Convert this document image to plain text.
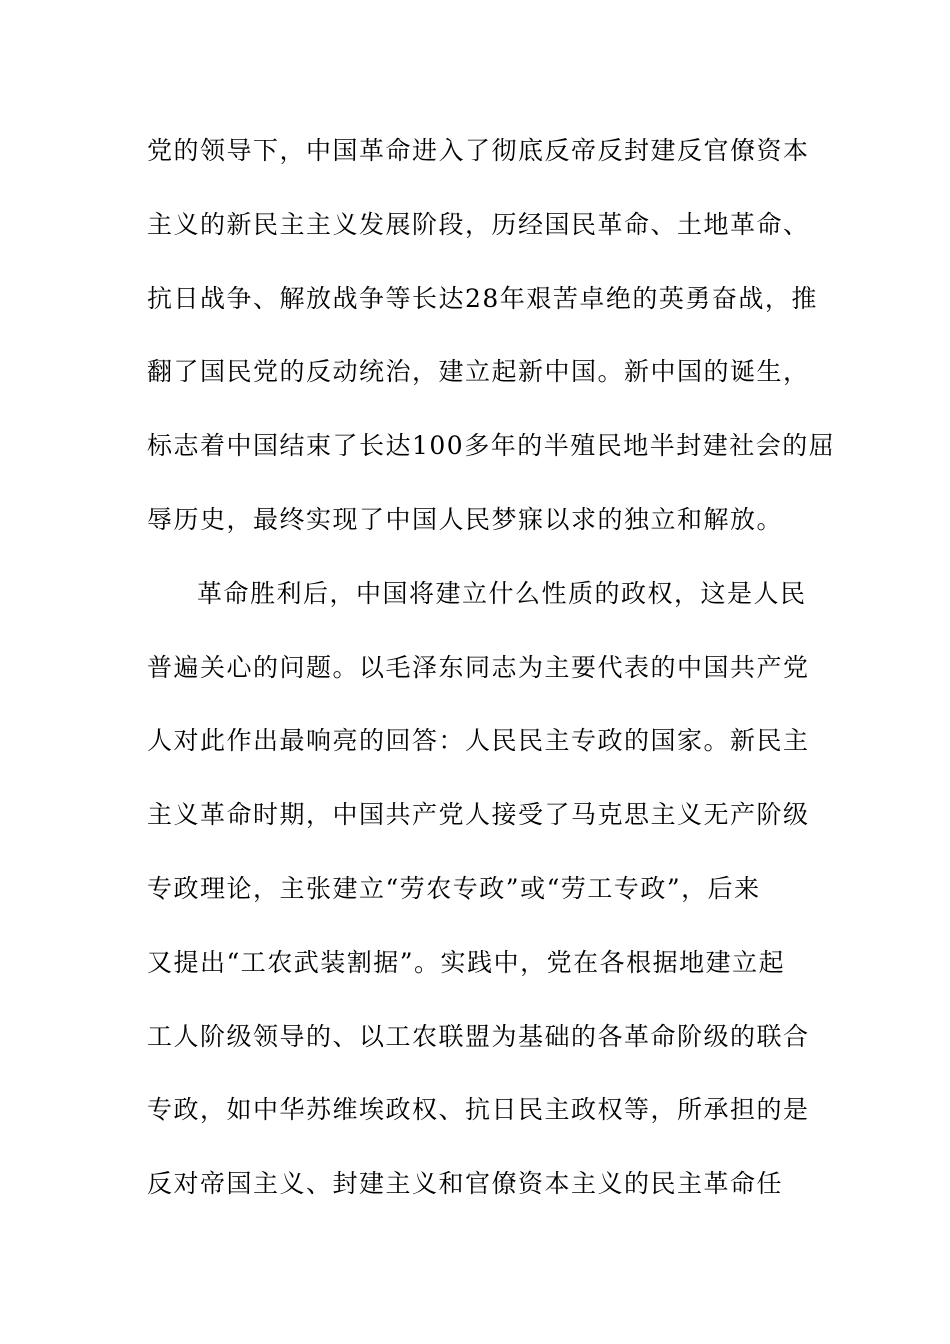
党的领导下，中国革命进入了彻底反帝反封建反官僚资本
主义的新民主主义发展阶段，历经国民革命、土地革命、
抗日战争、解放战争等长达28年艰苦卓绝的英勇奋战，推
翻了国民党的反动统治，建立起新中国。新中国的诞生，
标志着中国结束了长达100多年的半殖民地半封建社会的屈
辱历史，最终实现了中国人民梦寐以求的独立和解放。
革命胜利后，中国将建立什么性质的政权，这是人民
普遍关心的问题。以毛泽东同志为主要代表的中国共产党
人对此作出最响亮的回答：人民民主专政的国家。新民主
主义革命时期，中国共产党人接受了马克思主义无产阶级
专政理论，主张建立“劳农专政”或“劳工专政”，后来
又提出“工农武装割据”。实践中，党在各根据地建立起
工人阶级领导的、以工农联盟为基础的各革命阶级的联合
专政，如中华苏维埃政权、抗日民主政权等，所承担的是
反对帝国主义、封建主义和官僚资本主义的民主革命任
